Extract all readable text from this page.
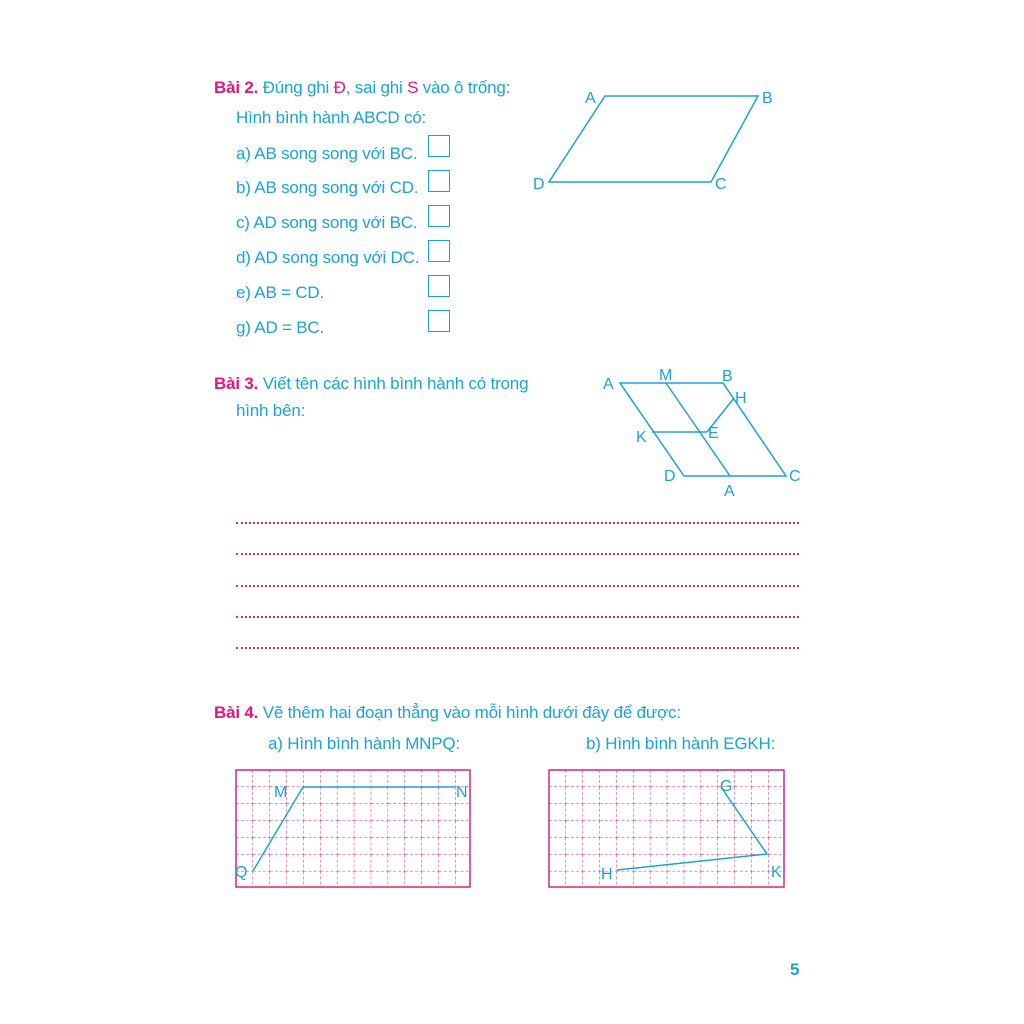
Bài 2. Đúng ghi Đ, sai ghi S vào ô trống:
Hình bình hành ABCD có:
a) AB song song với BC.
b) AB song song với CD.
c) AD song song với BC.
d) AD song song với DC.
e) AB = CD.
g) AD = BC.
Bài 3. Viết tên các hình bình hành có trong
hình bên:
Bài 4. Vẽ thêm hai đoạn thẳng vào mỗi hình dưới đây để được:
a) Hình bình hành MNPQ:	b) Hình bình hành EGKH:
A	B
C
D
A
M	B
H
K	E
D
A
C
M	N
Q
G
H	K
5
